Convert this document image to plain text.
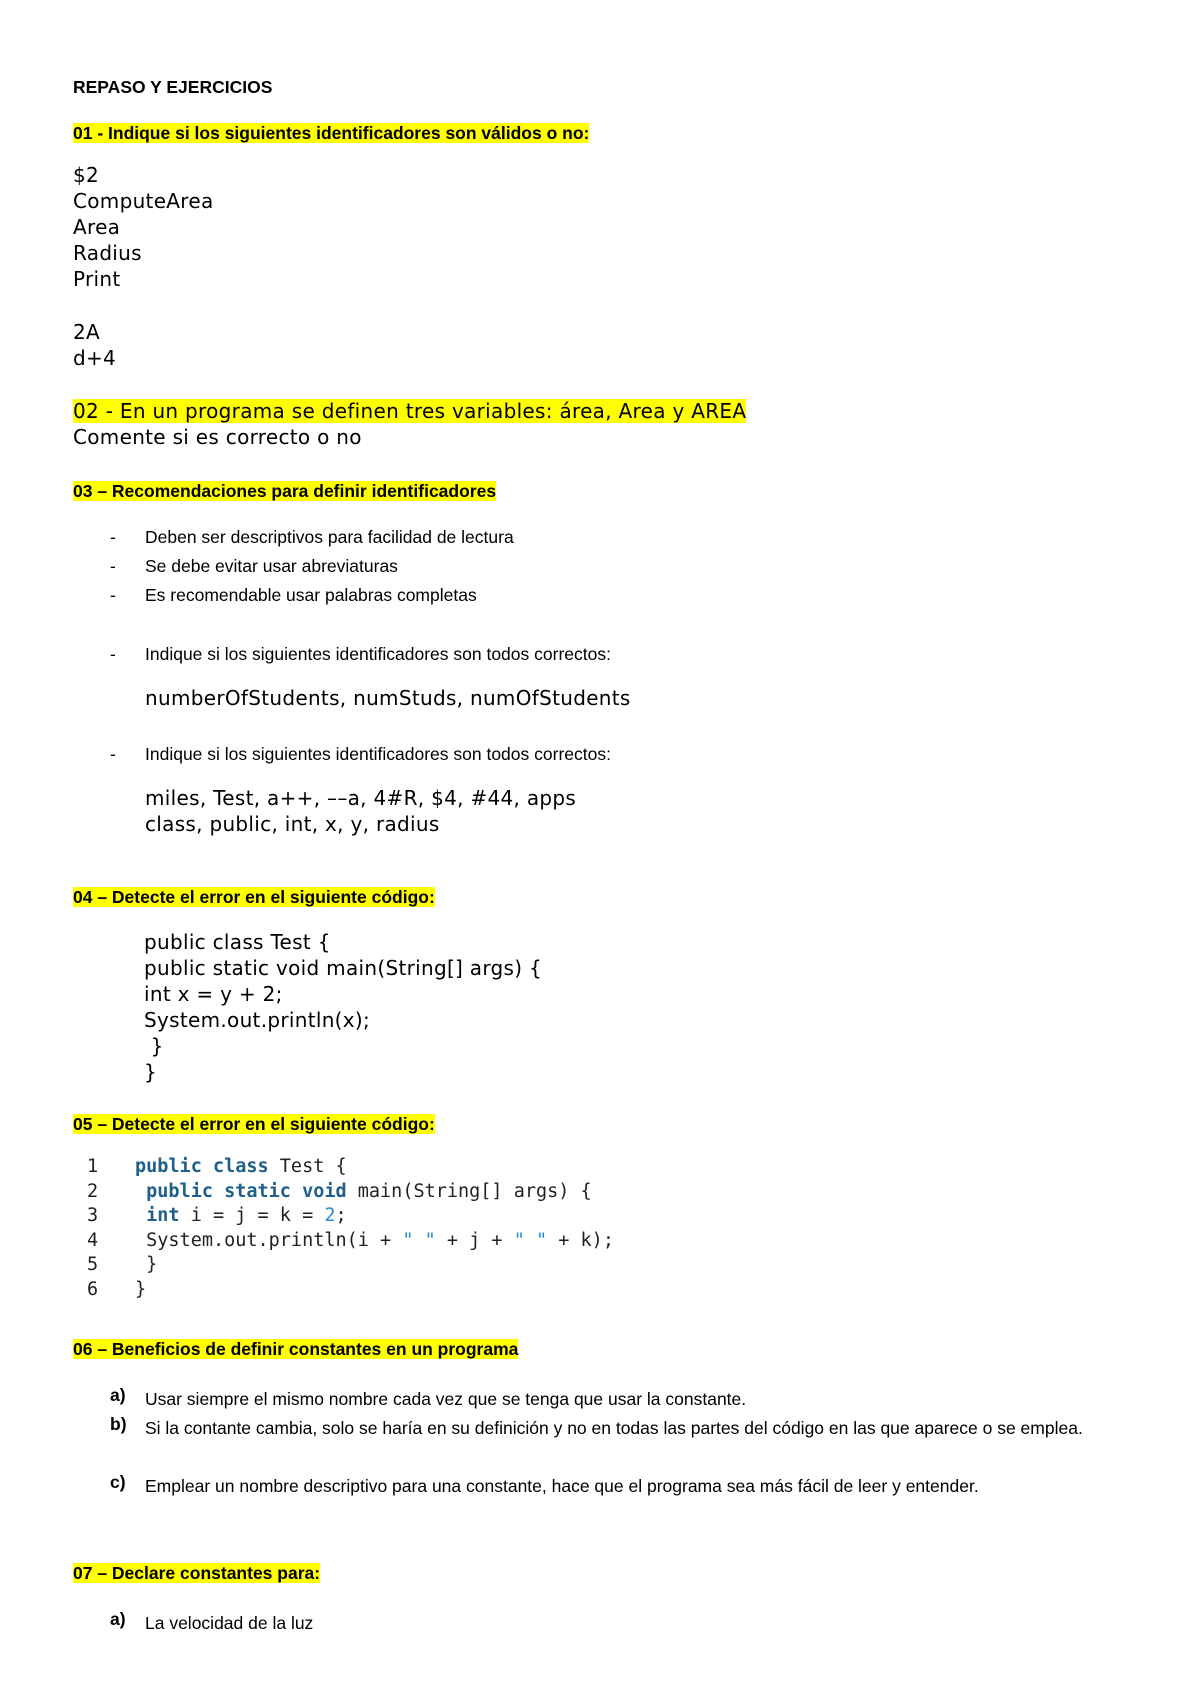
REPASO Y EJERCICIOS
01 - Indique si los siguientes identificadores son válidos o no:
$2
ComputeArea
Area
Radius
Print
2A
d+4
02 - En un programa se definen tres variables: área, Area y AREA
Comente si es correcto o no
03 – Recomendaciones para definir identificadores
- Deben ser descriptivos para facilidad de lectura
- Se debe evitar usar abreviaturas
- Es recomendable usar palabras completas
- Indique si los siguientes identificadores son todos correctos:
numberOfStudents, numStuds, numOfStudents
- Indique si los siguientes identificadores son todos correctos:
miles, Test, a++, ––a, 4#R, $4, #44, apps
class, public, int, x, y, radius
04 – Detecte el error en el siguiente código:
public class Test {
public static void main(String[] args) {
int x = y + 2;
System.out.println(x);
}
}
05 – Detecte el error en el siguiente código:
1 public class Test {
2	public static void main(String[] args) {
3	int i = j = k = 2;
4 System.out.println(i + " " + j + " " + k);
5 }
6 }
06 – Beneficios de definir constantes en un programa
a) Usar siempre el mismo nombre cada vez que se tenga que usar la constante.
b) Si la contante cambia, solo se haría en su definición y no en todas las partes del código en las que aparece o se emplea.
c) Emplear un nombre descriptivo para una constante, hace que el programa sea más fácil de leer y entender.
07 – Declare constantes para:
a) La velocidad de la luz
